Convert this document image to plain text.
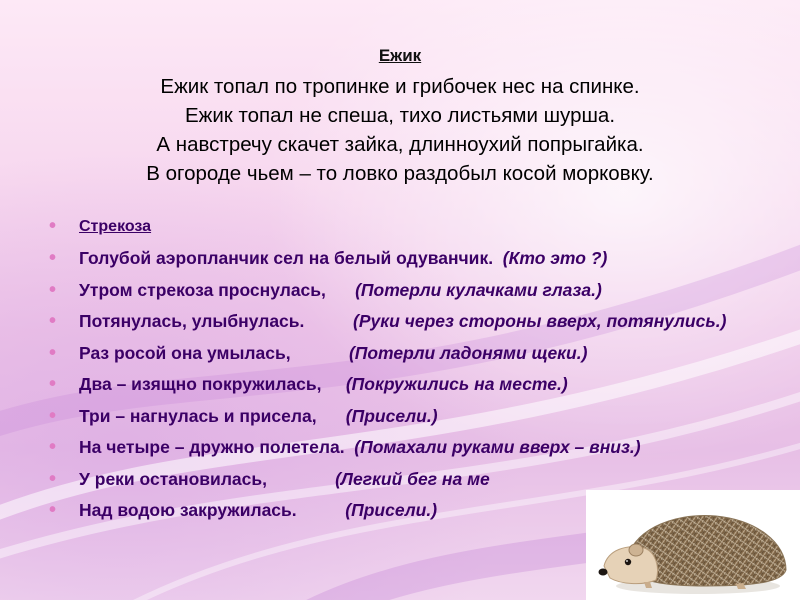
Ежик
Ежик топал по тропинке и грибочек нес на спинке.
Ежик топал не спеша, тихо листьями шурша.
А навстречу скачет зайка, длинноухий попрыгайка.
В огороде чьем – то ловко раздобыл косой морковку.
• Стрекоза
• Голубой аэропланчик сел на белый одуванчик. (Кто это ?)
• Утром стрекоза проснулась, (Потерли кулачками глаза.)
• Потянулась, улыбнулась.	(Руки через стороны вверх, потянулись.)
• Раз росой она умылась,	(Потерли ладонями щеки.)
• Два – изящно покружилась, (Покружились на месте.)
• Три – нагнулась и присела, (Присели.)
• На четыре – дружно полетела. (Помахали руками вверх – вниз.)
• У реки остановилась,	(Легкий бег на ме
• Над водою закружилась.	(Присели.)
